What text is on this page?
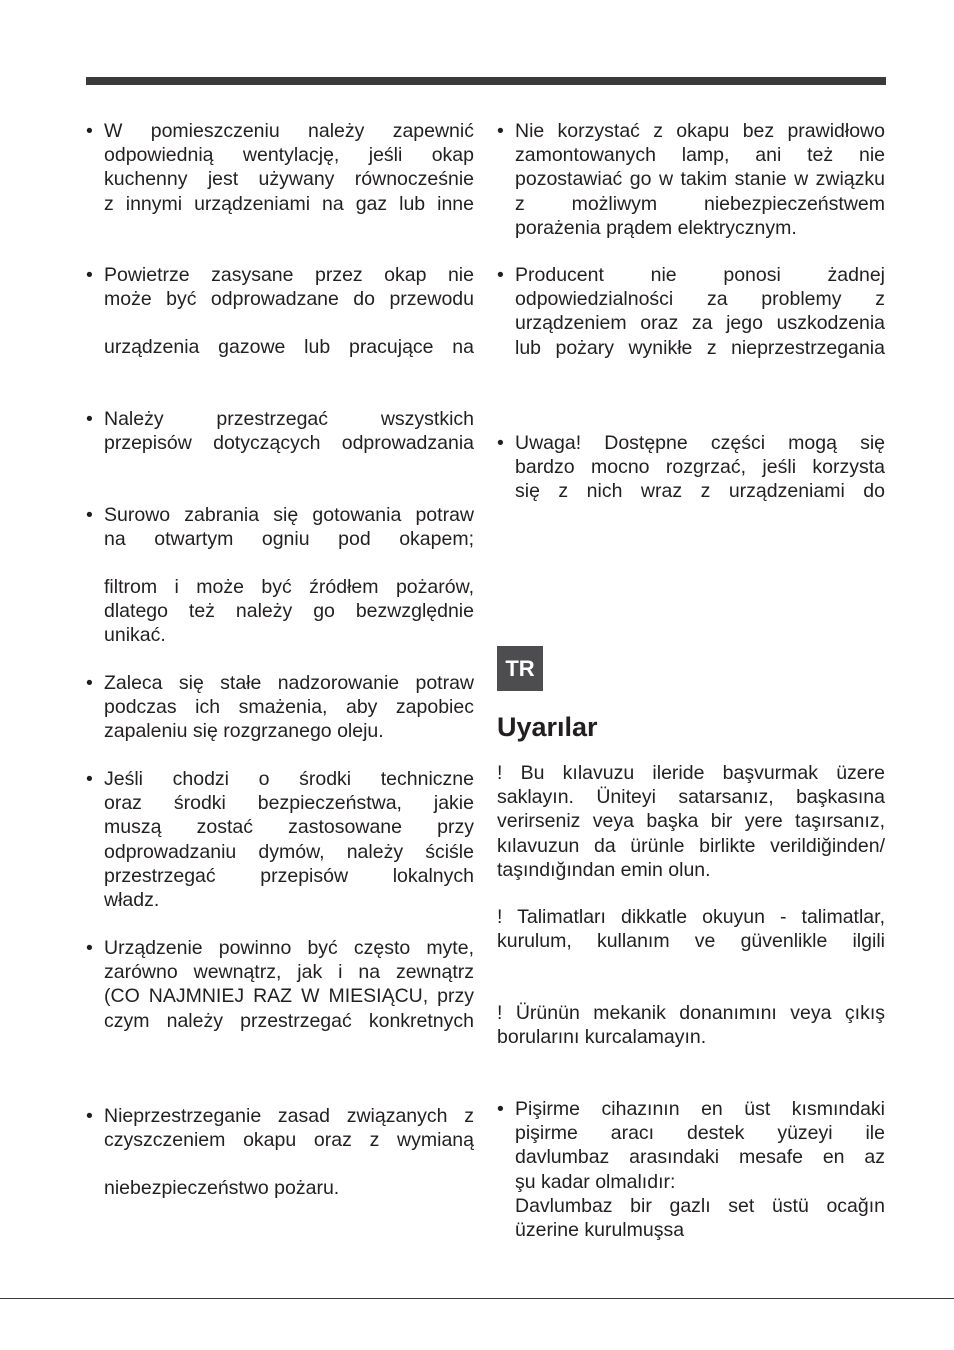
• W pomieszczeniu należy zapewnić
odpowiednią wentylację, jeśli okap
kuchenny jest używany równocześnie
z innymi urządzeniami na gaz lub inne
• Powietrze zasysane przez okap nie
może być odprowadzane do przewodu
urządzenia gazowe lub pracujące na
• Należy przestrzegać wszystkich
przepisów dotyczących odprowadzania
• Surowo zabrania się gotowania potraw
na otwartym ogniu pod okapem;
filtrom i może być źródłem pożarów,
dlatego też należy go bezwzględnie
unikać.
• Zaleca się stałe nadzorowanie potraw
podczas ich smażenia, aby zapobiec
zapaleniu się rozgrzanego oleju.
• Jeśli chodzi o środki techniczne
oraz środki bezpieczeństwa, jakie
muszą zostać zastosowane przy
odprowadzaniu dymów, należy ściśle
przestrzegać przepisów lokalnych
władz.
• Urządzenie powinno być często myte,
zarówno wewnątrz, jak i na zewnątrz
(CO NAJMNIEJ RAZ W MIESIĄCU, przy
czym należy przestrzegać konkretnych
• Nieprzestrzeganie zasad związanych z
czyszczeniem okapu oraz z wymianą
niebezpieczeństwo pożaru.
• Nie korzystać z okapu bez prawidłowo
zamontowanych lamp, ani też nie
pozostawiać go w takim stanie w związku
z możliwym niebezpieczeństwem
porażenia prądem elektrycznym.
• Producent nie ponosi żadnej
odpowiedzialności za problemy z
urządzeniem oraz za jego uszkodzenia
lub pożary wynikłe z nieprzestrzegania
• Uwaga! Dostępne części mogą się
bardzo mocno rozgrzać, jeśli korzysta
się z nich wraz z urządzeniami do
TR
Uyarılar
! Bu kılavuzu ileride başvurmak üzere
saklayın. Üniteyi satarsanız, başkasına
verirseniz veya başka bir yere taşırsanız,
kılavuzun da ürünle birlikte verildiğinden/
taşındığından emin olun.
! Talimatları dikkatle okuyun - talimatlar,
kurulum, kullanım ve güvenlikle ilgili
! Ürünün mekanik donanımını veya çıkış
borularını kurcalamayın.
• Pişirme cihazının en üst kısmındaki
pişirme aracı destek yüzeyi ile
davlumbaz arasındaki mesafe en az
şu kadar olmalıdır:
Davlumbaz bir gazlı set üstü ocağın
üzerine kurulmuşsa
